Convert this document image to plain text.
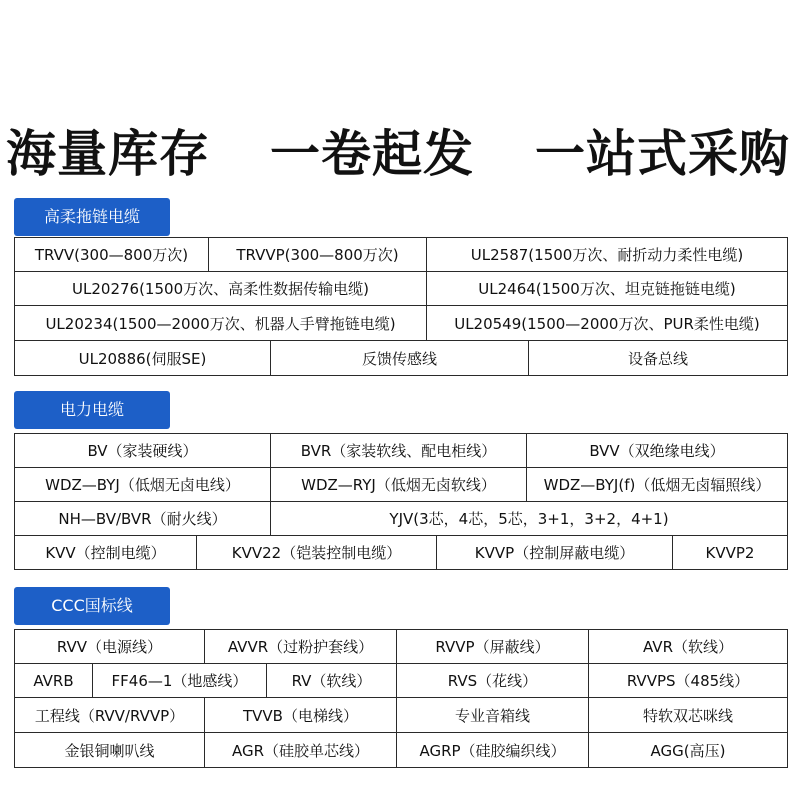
海量库存 一卷起发 一站式采购
高柔拖链电缆
TRVV(300—800万次)	TRVVP(300—800万次)	UL2587(1500万次、耐折动力柔性电缆)
UL20276(1500万次、高柔性数据传输电缆)	UL2464(1500万次、坦克链拖链电缆)
UL20234(1500—2000万次、机器人手臂拖链电缆)	UL20549(1500—2000万次、PUR柔性电缆)
UL20886(伺服SE)	反馈传感线	设备总线
电力电缆
BV（家装硬线）	BVR（家装软线、配电柜线）	BVV（双绝缘电线）
WDZ—BYJ（低烟无卤电线）	WDZ—RYJ（低烟无卤软线）	WDZ—BYJ(f)（低烟无卤辐照线）
NH—BV/BVR（耐火线）	YJV(3芯，4芯，5芯，3+1，3+2，4+1)
KVV（控制电缆）	KVV22（铠装控制电缆）	KVVP（控制屏蔽电缆）	KVVP2
CCC国标线
RVV（电源线）	AVVR（过粉护套线）	RVVP（屏蔽线）	AVR（软线）
AVRB	FF46—1（地感线）	RV（软线）	RVS（花线）	RVVPS（485线）
工程线（RVV/RVVP）	TVVB（电梯线）	专业音箱线	特软双芯咪线
金银铜喇叭线	AGR（硅胶单芯线）	AGRP（硅胶编织线）	AGG(高压)
